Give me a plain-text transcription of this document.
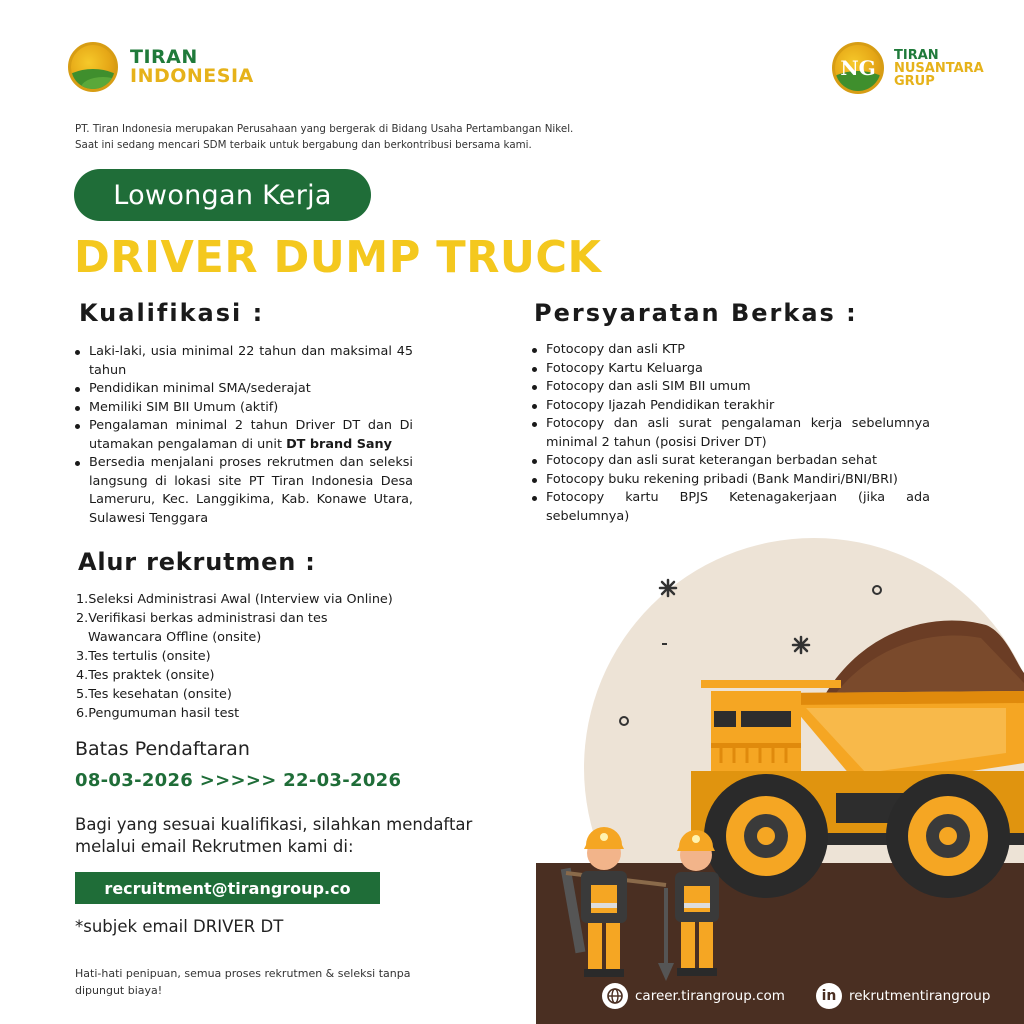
TIRAN
INDONESIA	NG
TIRAN
NUSANTARA
GRUP
PT. Tiran Indonesia merupakan Perusahaan yang bergerak di Bidang Usaha Pertambangan Nikel. Saat ini sedang mencari SDM terbaik untuk bergabung dan berkontribusi bersama kami.
Lowongan Kerja
DRIVER DUMP TRUCK
Kualifikasi :
Laki-laki, usia minimal 22 tahun dan maksimal 45 tahun
Pendidikan minimal SMA/sederajat
Memiliki SIM BII Umum (aktif)
Pengalaman minimal 2 tahun Driver DT dan Di utamakan pengalaman di unit DT brand Sany
Bersedia menjalani proses rekrutmen dan seleksi langsung di lokasi site PT Tiran Indonesia Desa Lameruru, Kec. Langgikima, Kab. Konawe Utara, Sulawesi Tenggara
Persyaratan Berkas :
Fotocopy dan asli KTP
Fotocopy Kartu Keluarga
Fotocopy dan asli SIM BII umum
Fotocopy Ijazah Pendidikan terakhir
Fotocopy dan asli surat pengalaman kerja sebelumnya minimal 2 tahun (posisi Driver DT)
Fotocopy dan asli surat keterangan berbadan sehat
Fotocopy buku rekening pribadi (Bank Mandiri/BNI/BRI)
Fotocopy kartu BPJS Ketenagakerjaan (jika ada sebelumnya)
Alur rekrutmen :
1.Seleksi Administrasi Awal (Interview via Online)
2.Verifikasi berkas administrasi dan tes
Wawancara Offline (onsite)
3.Tes tertulis (onsite)
4.Tes praktek (onsite)
5.Tes kesehatan (onsite)
6.Pengumuman hasil test
Batas Pendaftaran
08-03-2026 >>>>> 22-03-2026
Bagi yang sesuai kualifikasi, silahkan mendaftar melalui email Rekrutmen kami di:
recruitment@tirangroup.co
*subjek email DRIVER DT
Hati-hati penipuan, semua proses rekrutmen & seleksi tanpa dipungut biaya!	career.tirangroup.com	in rekrutmentirangroup
